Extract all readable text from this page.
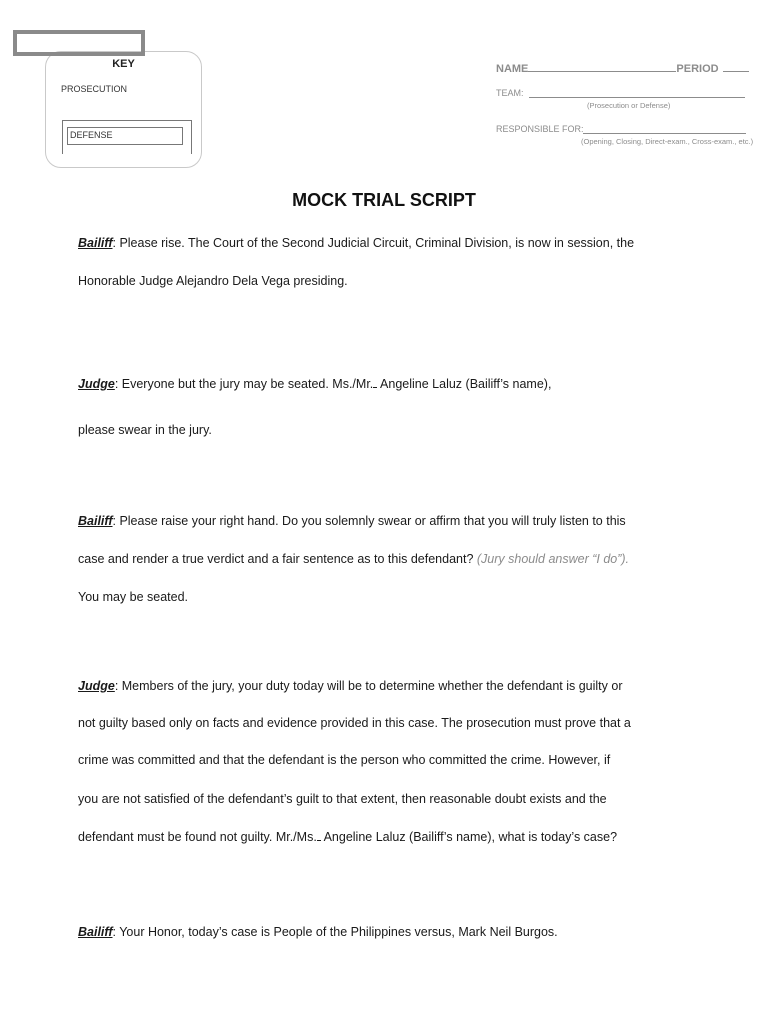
KEY
PROSECUTION
DEFENSE
NAME	PERIOD
TEAM:
(Prosecution or Defense)
RESPONSIBLE FOR:
(Opening, Closing, Direct-exam., Cross-exam., etc.)
MOCK TRIAL SCRIPT
Bailiff: Please rise. The Court of the Second Judicial Circuit, Criminal Division, is now in session, the
Honorable Judge Alejandro Dela Vega presiding.
Judge: Everyone but the jury may be seated. Ms./Mr. Angeline Laluz (Bailiff’s name),
please swear in the jury.
Bailiff: Please raise your right hand. Do you solemnly swear or affirm that you will truly listen to this
case and render a true verdict and a fair sentence as to this defendant? (Jury should answer “I do”).
You may be seated.
Judge: Members of the jury, your duty today will be to determine whether the defendant is guilty or
not guilty based only on facts and evidence provided in this case. The prosecution must prove that a
crime was committed and that the defendant is the person who committed the crime. However, if
you are not satisfied of the defendant’s guilt to that extent, then reasonable doubt exists and the
defendant must be found not guilty. Mr./Ms. Angeline Laluz (Bailiff’s name), what is today’s case?
Bailiff: Your Honor, today’s case is People of the Philippines versus, Mark Neil Burgos.
